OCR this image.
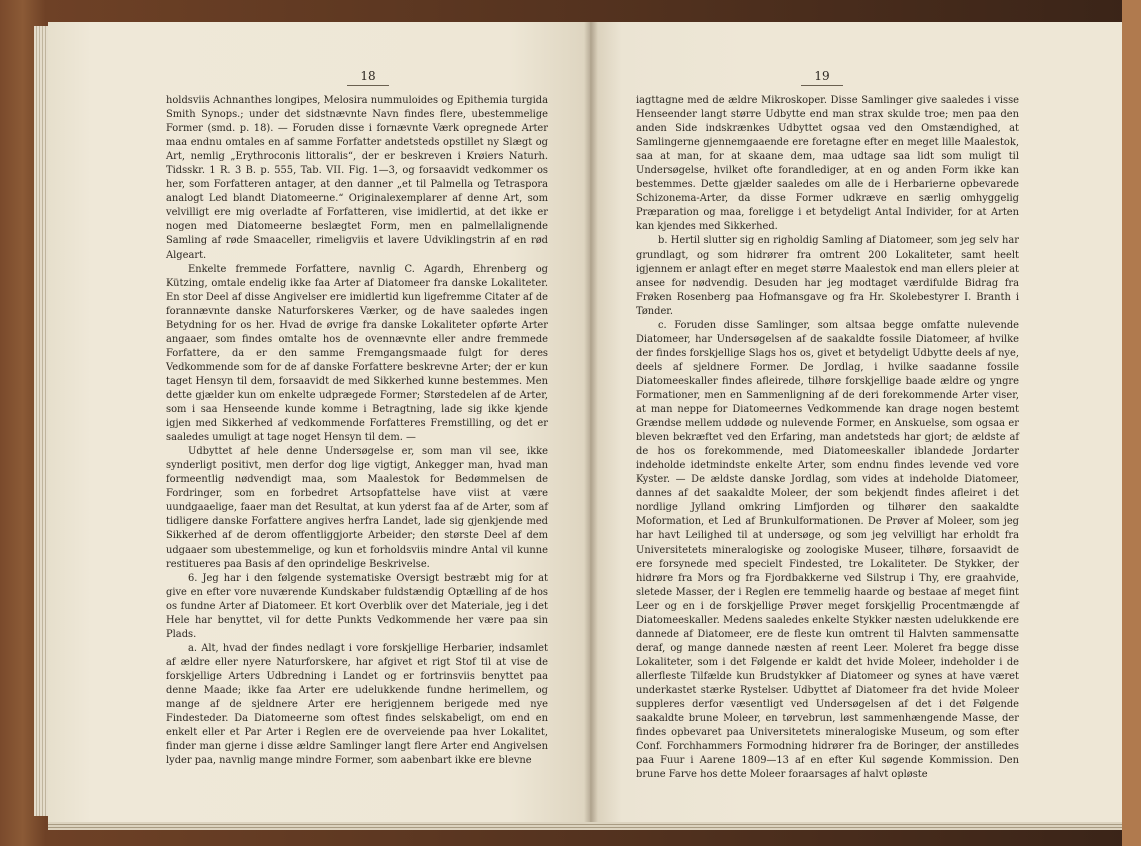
18

holdsviis Achnanthes longipes, Melosira nummuloides og Epithemia turgida Smith Synops.; under det sidstnævnte Navn findes flere, ubestemmelige Former (smd. p. 18). — Foruden disse i fornævnte Værk opregnede Arter maa endnu omtales en af samme Forfatter andetsteds opstillet ny Slægt og Art, nemlig „Erythroconis littoralis“, der er beskreven i Krøiers Naturh. Tidsskr. 1 R. 3 B. p. 555, Tab. VII. Fig. 1—3, og forsaavidt vedkommer os her, som Forfatteren antager, at den danner „et til Palmella og Tetraspora analogt Led blandt Diatomeerne.“ Originalexemplarer af denne Art, som velvilligt ere mig overladte af Forfatteren, vise imidlertid, at det ikke er nogen med Diatomeerne beslægtet Form, men en palmellalignende Samling af røde Smaaceller, rimeligviis et lavere Udviklingstrin af en rød Algeart.

Enkelte fremmede Forfattere, navnlig C. Agardh, Ehrenberg og Kützing, omtale endelig ikke faa Arter af Diatomeer fra danske Lokaliteter. En stor Deel af disse Angivelser ere imidlertid kun ligefremme Citater af de forannævnte danske Naturforskeres Værker, og de have saaledes ingen Betydning for os her. Hvad de øvrige fra danske Lokaliteter opførte Arter angaaer, som findes omtalte hos de ovennævnte eller andre fremmede Forfattere, da er den samme Fremgangsmaade fulgt for deres Vedkommende som for de af danske Forfattere beskrevne Arter; der er kun taget Hensyn til dem, forsaavidt de med Sikkerhed kunne bestemmes. Men dette gjælder kun om enkelte udprægede Former; Størstedelen af de Arter, som i saa Henseende kunde komme i Betragtning, lade sig ikke kjende igjen med Sikkerhed af vedkommende Forfatteres Fremstilling, og det er saaledes umuligt at tage noget Hensyn til dem. —

Udbyttet af hele denne Undersøgelse er, som man vil see, ikke synderligt positivt, men derfor dog lige vigtigt, Ankegger man, hvad man formeentlig nødvendigt maa, som Maalestok for Bedømmelsen de Fordringer, som en forbedret Artsopfattelse have viist at være uundgaaelige, faaer man det Resultat, at kun yderst faa af de Arter, som af tidligere danske Forfattere angives herfra Landet, lade sig gjenkjende med Sikkerhed af de derom offentliggjorte Arbeider; den største Deel af dem udgaaer som ubestemmelige, og kun et forholdsviis mindre Antal vil kunne restitueres paa Basis af den oprindelige Beskrivelse.

6. Jeg har i den følgende systematiske Oversigt bestræbt mig for at give en efter vore nuværende Kundskaber fuldstændig Optælling af de hos os fundne Arter af Diatomeer. Et kort Overblik over det Materiale, jeg i det Hele har benyttet, vil for dette Punkts Vedkommende her være paa sin Plads.

a. Alt, hvad der findes nedlagt i vore forskjellige Herbarier, indsamlet af ældre eller nyere Naturforskere, har afgivet et rigt Stof til at vise de forskjellige Arters Udbredning i Landet og er fortrinsviis benyttet paa denne Maade; ikke faa Arter ere udelukkende fundne herimellem, og mange af de sjeldnere Arter ere herigjennem berigede med nye Findesteder. Da Diatomeerne som oftest findes selskabeligt, om end en enkelt eller et Par Arter i Reglen ere de overveiende paa hver Lokalitet, finder man gjerne i disse ældre Samlinger langt flere Arter end Angivelsen lyder paa, navnlig mange mindre Former, som aabenbart ikke ere blevne

19

iagttagne med de ældre Mikroskoper. Disse Samlinger give saaledes i visse Henseender langt større Udbytte end man strax skulde troe; men paa den anden Side indskrænkes Udbyttet ogsaa ved den Omstændighed, at Samlingerne gjennemgaaende ere foretagne efter en meget lille Maalestok, saa at man, for at skaane dem, maa udtage saa lidt som muligt til Undersøgelse, hvilket ofte forandlediger, at en og anden Form ikke kan bestemmes. Dette gjælder saaledes om alle de i Herbarierne opbevarede Schizonema-Arter, da disse Former udkræve en særlig omhyggelig Præparation og maa, foreligge i et betydeligt Antal Individer, for at Arten kan kjendes med Sikkerhed.

b. Hertil slutter sig en righoldig Samling af Diatomeer, som jeg selv har grundlagt, og som hidrører fra omtrent 200 Lokaliteter, samt heelt igjennem er anlagt efter en meget større Maalestok end man ellers pleier at ansee for nødvendig. Desuden har jeg modtaget værdifulde Bidrag fra Frøken Rosenberg paa Hofmansgave og fra Hr. Skolebestyrer I. Branth i Tønder.

c. Foruden disse Samlinger, som altsaa begge omfatte nulevende Diatomeer, har Undersøgelsen af de saakaldte fossile Diatomeer, af hvilke der findes forskjellige Slags hos os, givet et betydeligt Udbytte deels af nye, deels af sjeldnere Former. De Jordlag, i hvilke saadanne fossile Diatomeeskaller findes afleirede, tilhøre forskjellige baade ældre og yngre Formationer, men en Sammenligning af de deri forekommende Arter viser, at man neppe for Diatomeernes Vedkommende kan drage nogen bestemt Grændse mellem uddøde og nulevende Former, en Anskuelse, som ogsaa er bleven bekræftet ved den Erfaring, man andetsteds har gjort; de ældste af de hos os forekommende, med Diatomeeskaller iblandede Jordarter indeholde idetmindste enkelte Arter, som endnu findes levende ved vore Kyster. — De ældste danske Jordlag, som vides at indeholde Diatomeer, dannes af det saakaldte Moleer, der som bekjendt findes afleiret i det nordlige Jylland omkring Limfjorden og tilhører den saakaldte Moformation, et Led af Brunkulformationen. De Prøver af Moleer, som jeg har havt Leilighed til at undersøge, og som jeg velvilligt har erholdt fra Universitetets mineralogiske og zoologiske Museer, tilhøre, forsaavidt de ere forsynede med specielt Findested, tre Lokaliteter. De Stykker, der hidrøre fra Mors og fra Fjordbakkerne ved Silstrup i Thy, ere graahvide, sletede Masser, der i Reglen ere temmelig haarde og bestaae af meget fiint Leer og en i de forskjellige Prøver meget forskjellig Procentmængde af Diatomeeskaller. Medens saaledes enkelte Stykker næsten udelukkende ere dannede af Diatomeer, ere de fleste kun omtrent til Halvten sammensatte deraf, og mange dannede næsten af reent Leer. Moleret fra begge disse Lokaliteter, som i det Følgende er kaldt det hvide Moleer, indeholder i de allerfleste Tilfælde kun Brudstykker af Diatomeer og synes at have været underkastet stærke Rystelser. Udbyttet af Diatomeer fra det hvide Moleer suppleres derfor væsentligt ved Undersøgelsen af det i det Følgende saakaldte brune Moleer, en tørvebrun, løst sammenhængende Masse, der findes opbevaret paa Universitetets mineralogiske Museum, og som efter Conf. Forchhammers Formodning hidrører fra de Boringer, der anstilledes paa Fuur i Aarene 1809—13 af en efter Kul søgende Kommission. Den brune Farve hos dette Moleer foraarsages af halvt opløste
